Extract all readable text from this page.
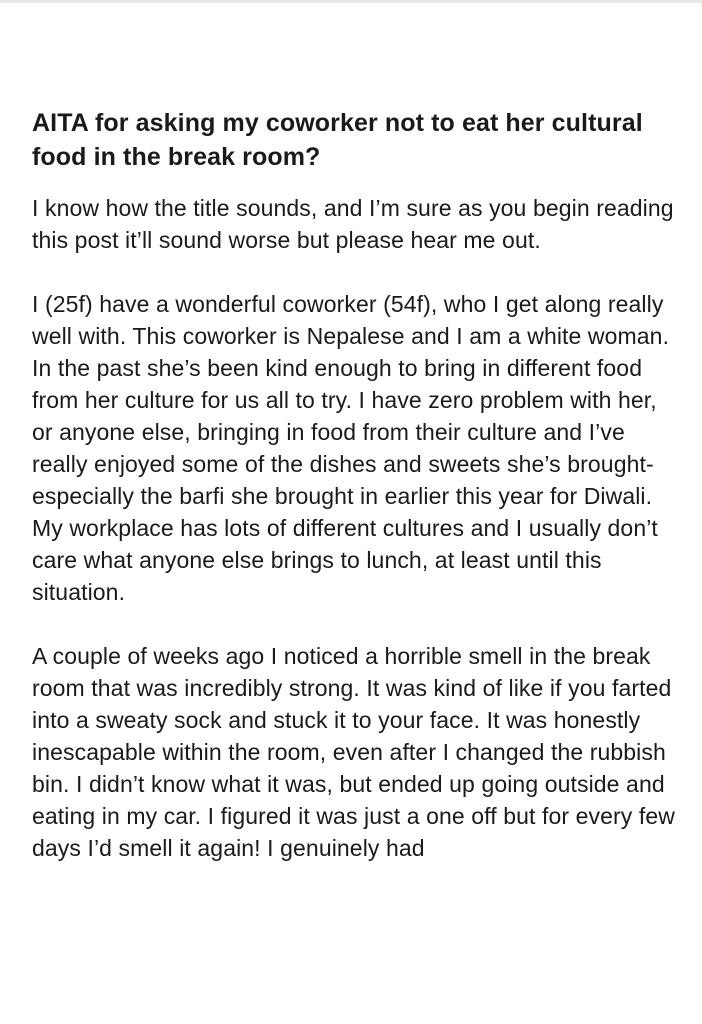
AITA for asking my coworker not to eat her cultural food in the break room?

I know how the title sounds, and I’m sure as you begin reading this post it’ll sound worse but please hear me out.

I (25f) have a wonderful coworker (54f), who I get along really well with. This coworker is Nepalese and I am a white woman. In the past she’s been kind enough to bring in different food from her culture for us all to try. I have zero problem with her, or anyone else, bringing in food from their culture and I’ve really enjoyed some of the dishes and sweets she’s brought- especially the barfi she brought in earlier this year for Diwali. My workplace has lots of different cultures and I usually don’t care what anyone else brings to lunch, at least until this situation.

A couple of weeks ago I noticed a horrible smell in the break room that was incredibly strong. It was kind of like if you farted into a sweaty sock and stuck it to your face. It was honestly inescapable within the room, even after I changed the rubbish bin. I didn’t know what it was, but ended up going outside and eating in my car. I figured it was just a one off but for every few days I’d smell it again! I genuinely had
